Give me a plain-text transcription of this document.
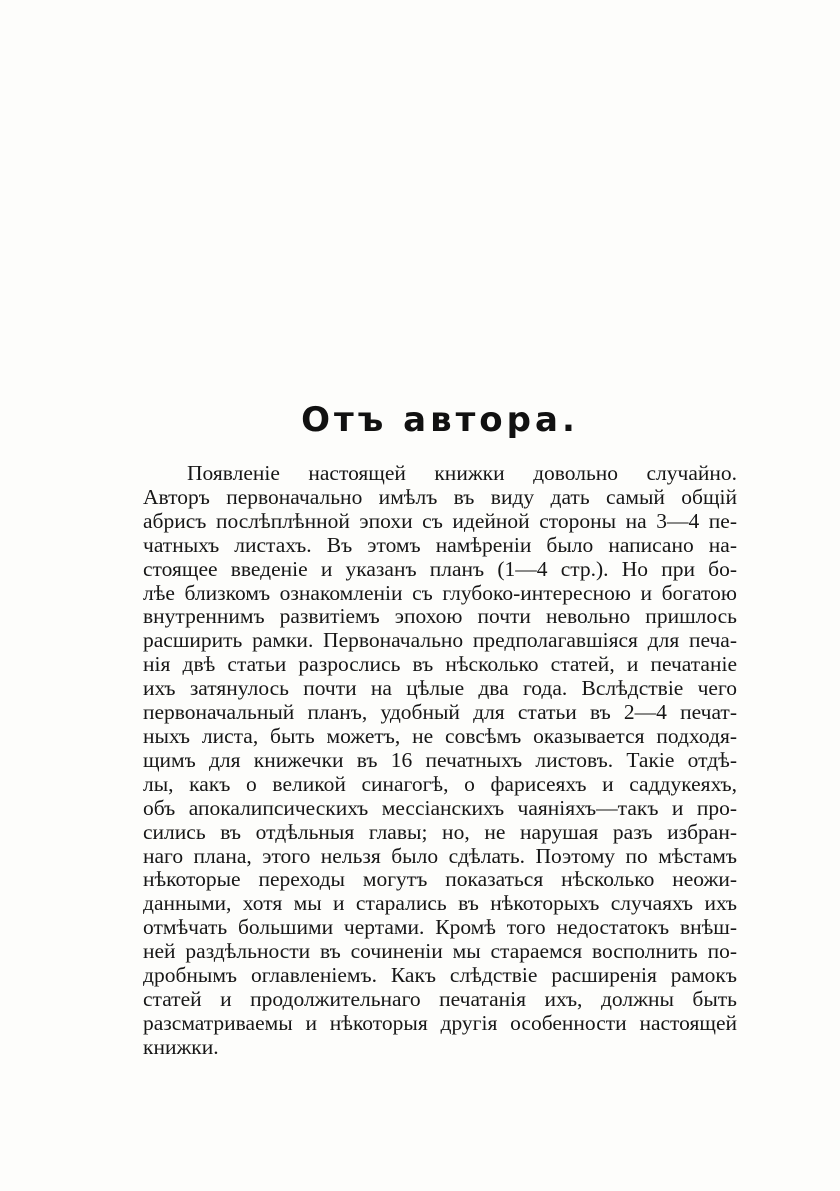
Отъ автора.
Появленіе настоящей книжки довольно случайно.
Авторъ первоначально имѣлъ въ виду дать самый общій
абрисъ послѣплѣнной эпохи съ идейной стороны на 3—4 пе-
чатныхъ листахъ. Въ этомъ намѣреніи было написано на-
стоящее введеніе и указанъ планъ (1—4 стр.). Но при бо-
лѣе близкомъ ознакомленіи съ глубоко-интересною и богатою
внутреннимъ развитіемъ эпохою почти невольно пришлось
расширить рамки. Первоначально предполагавшіяся для печа-
нія двѣ статьи разрослись въ нѣсколько статей, и печатаніе
ихъ затянулось почти на цѣлые два года. Вслѣдствіе чего
первоначальный планъ, удобный для статьи въ 2—4 печат-
ныхъ листа, быть можетъ, не совсѣмъ оказывается подходя-
щимъ для книжечки въ 16 печатныхъ листовъ. Такіе отдѣ-
лы, какъ о великой синагогѣ, о фарисеяхъ и саддукеяхъ,
объ апокалипсическихъ мессіанскихъ чаяніяхъ—такъ и про-
сились въ отдѣльныя главы; но, не нарушая разъ избран-
наго плана, этого нельзя было сдѣлать. Поэтому по мѣстамъ
нѣкоторые переходы могутъ показаться нѣсколько неожи-
данными, хотя мы и старались въ нѣкоторыхъ случаяхъ ихъ
отмѣчать большими чертами. Кромѣ того недостатокъ внѣш-
ней раздѣльности въ сочиненіи мы стараемся восполнить по-
дробнымъ оглавленіемъ. Какъ слѣдствіе расширенія рамокъ
статей и продолжительнаго печатанія ихъ, должны быть
разсматриваемы и нѣкоторыя другія особенности настоящей
книжки.
